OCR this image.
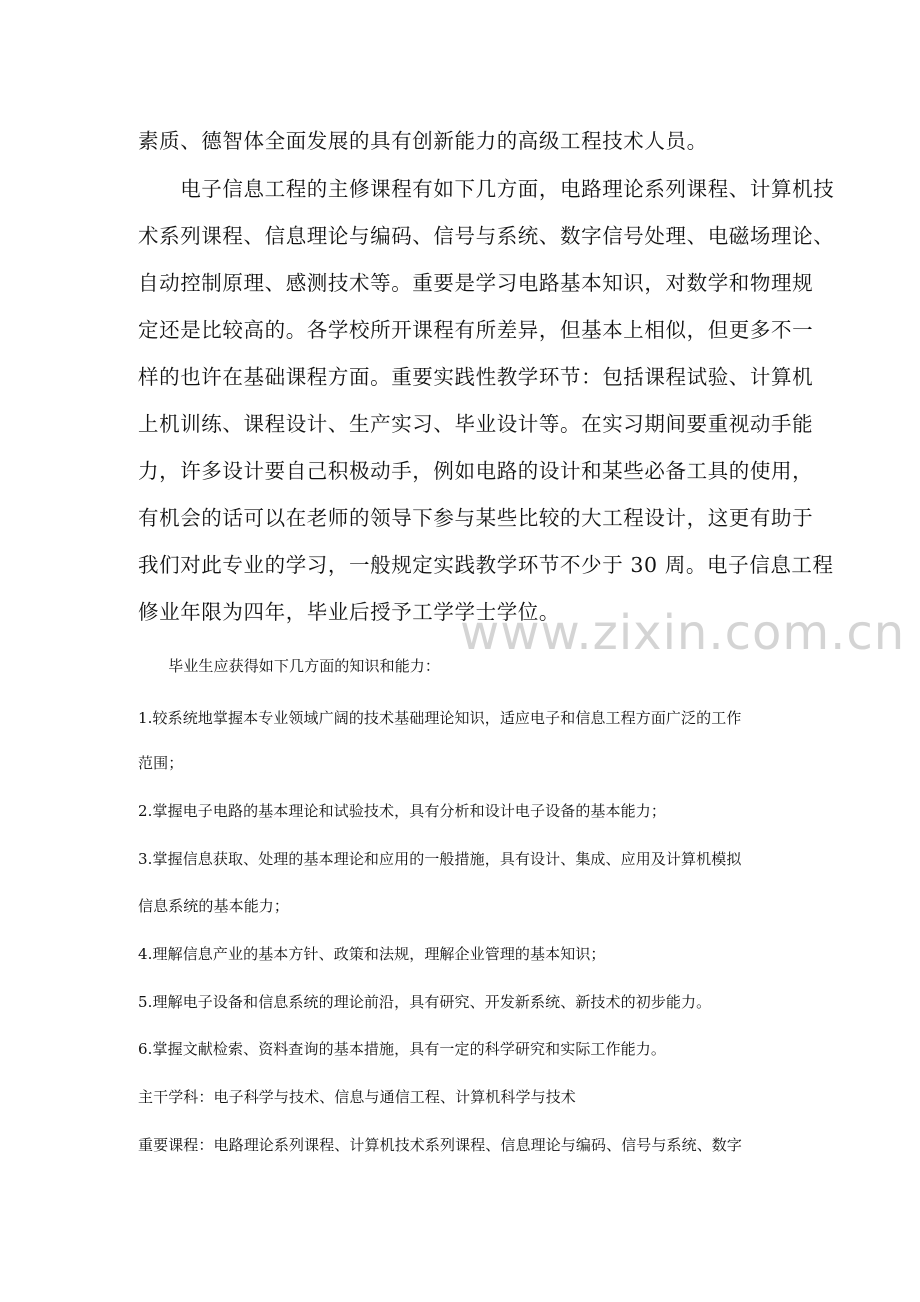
素质、德智体全面发展的具有创新能力的高级工程技术人员。
　　电子信息工程的主修课程有如下几方面，电路理论系列课程、计算机技
术系列课程、信息理论与编码、信号与系统、数字信号处理、电磁场理论、
自动控制原理、感测技术等。重要是学习电路基本知识，对数学和物理规
定还是比较高的。各学校所开课程有所差异，但基本上相似，但更多不一
样的也许在基础课程方面。重要实践性教学环节：包括课程试验、计算机
上机训练、课程设计、生产实习、毕业设计等。在实习期间要重视动手能
力，许多设计要自己积极动手，例如电路的设计和某些必备工具的使用，
有机会的话可以在老师的领导下参与某些比较的大工程设计，这更有助于
我们对此专业的学习，一般规定实践教学环节不少于 30 周。电子信息工程
修业年限为四年，毕业后授予工学学士学位。
　　毕业生应获得如下几方面的知识和能力：
1.较系统地掌握本专业领域广阔的技术基础理论知识，适应电子和信息工程方面广泛的工作
范围；
2.掌握电子电路的基本理论和试验技术，具有分析和设计电子设备的基本能力；
3.掌握信息获取、处理的基本理论和应用的一般措施，具有设计、集成、应用及计算机模拟
信息系统的基本能力；
4.理解信息产业的基本方针、政策和法规，理解企业管理的基本知识；
5.理解电子设备和信息系统的理论前沿，具有研究、开发新系统、新技术的初步能力。
6.掌握文献检索、资料查询的基本措施，具有一定的科学研究和实际工作能力。
主干学科：电子科学与技术、信息与通信工程、计算机科学与技术
重要课程：电路理论系列课程、计算机技术系列课程、信息理论与编码、信号与系统、数字
www.zixin.com.cn
